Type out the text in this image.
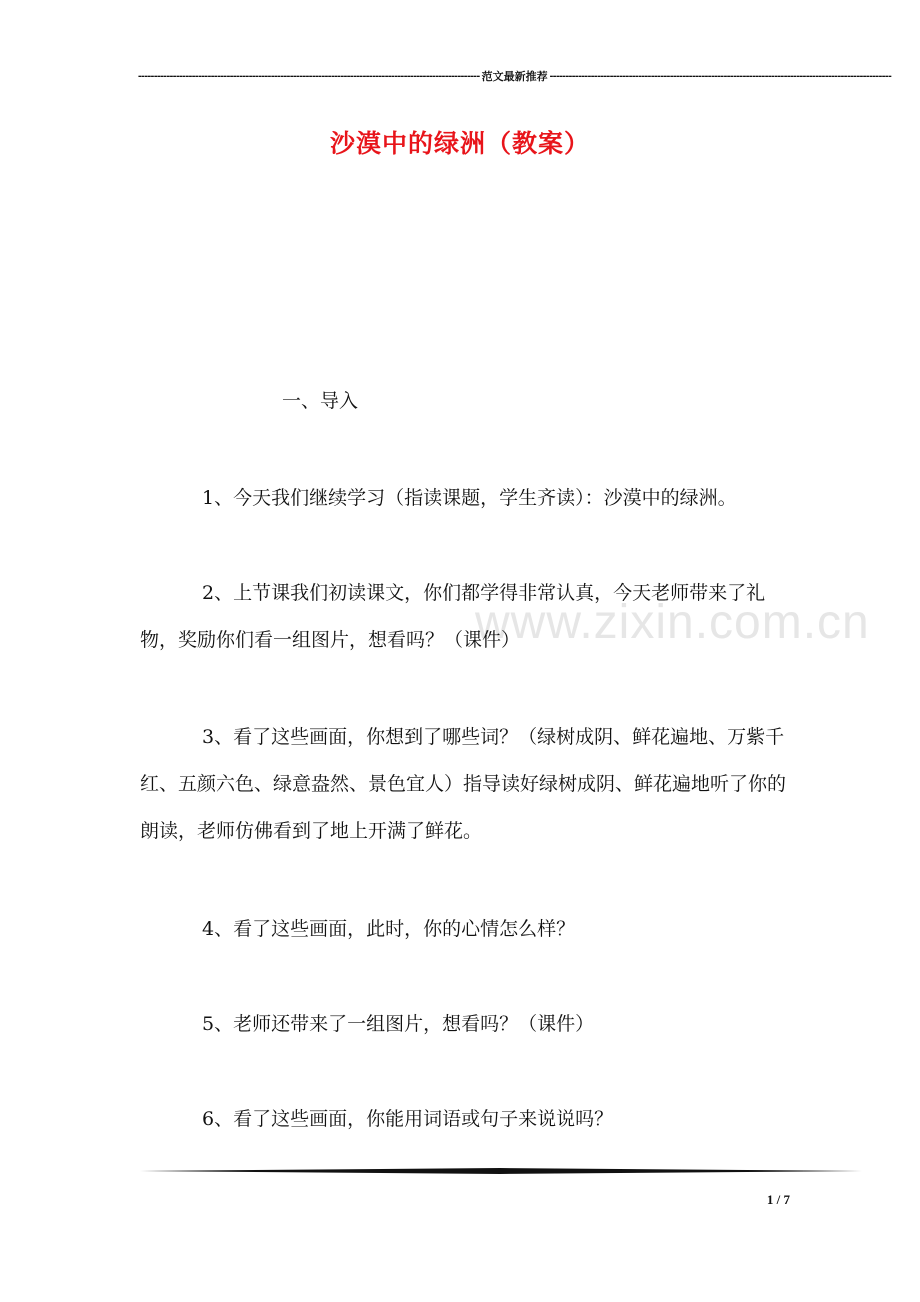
------------------------------------------------------------------------------------------------------------ 范文最新推荐 ------------------------------------------------------------------------------------------------------------
沙漠中的绿洲（教案）
www.zixin.com.cn
一、导入

1、今天我们继续学习（指读课题，学生齐读）：沙漠中的绿洲。

2、上节课我们初读课文，你们都学得非常认真，今天老师带来了礼物，奖励你们看一组图片，想看吗？（课件）

3、看了这些画面，你想到了哪些词？（绿树成阴、鲜花遍地、万紫千红、五颜六色、绿意盎然、景色宜人）指导读好绿树成阴、鲜花遍地听了你的朗读，老师仿佛看到了地上开满了鲜花。

4、看了这些画面，此时，你的心情怎么样？

5、老师还带来了一组图片，想看吗？（课件）

6、看了这些画面，你能用词语或句子来说说吗？

1 / 7
